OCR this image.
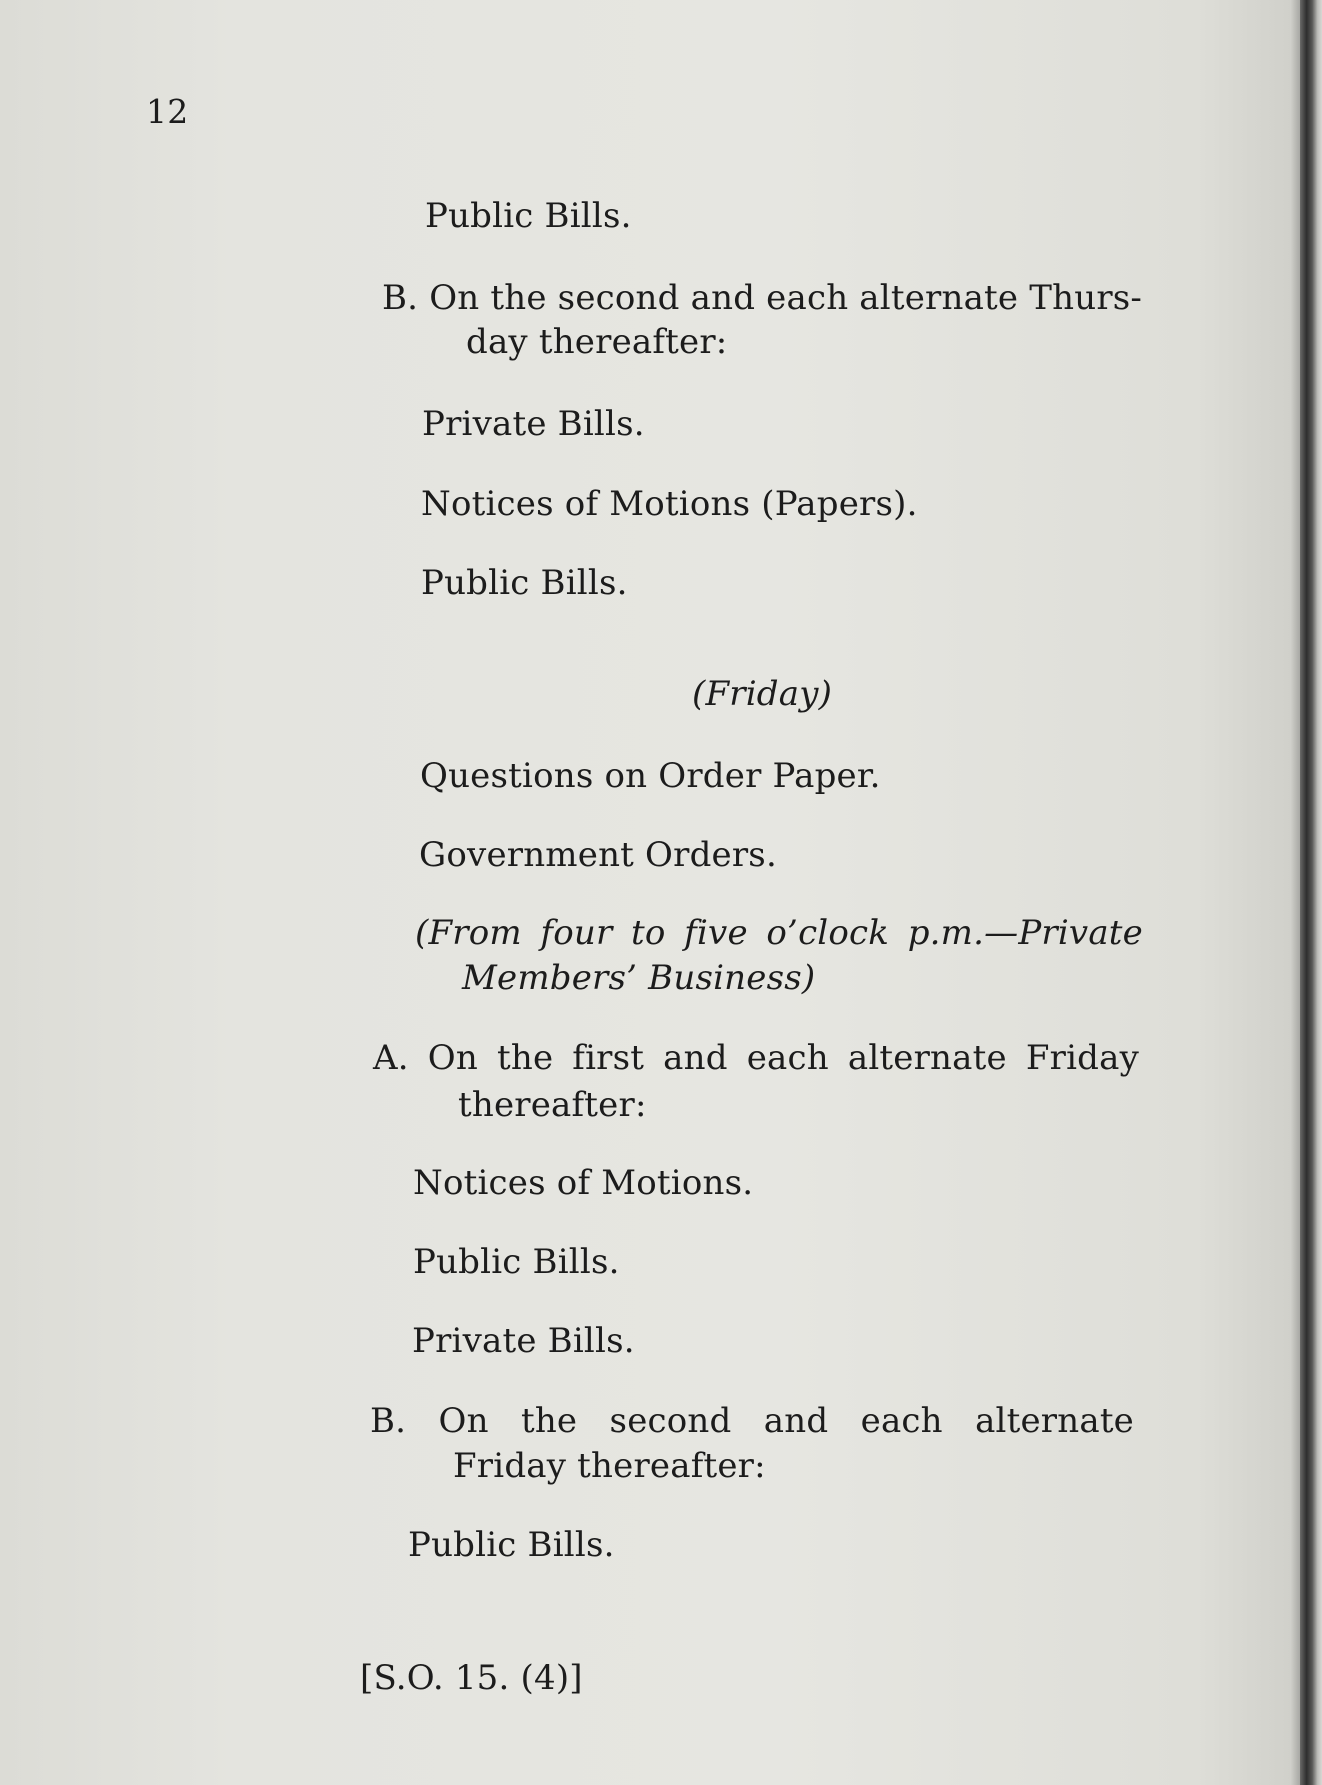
12
Public Bills.
B. On the second and each alternate Thurs-
day thereafter:
Private Bills.
Notices of Motions (Papers).
Public Bills.
(Friday)
Questions on Order Paper.
Government Orders.
(From four to five o’clock p.m.—Private
Members’ Business)
A. On the first and each alternate Friday
thereafter:
Notices of Motions.
Public Bills.
Private Bills.
B. On the second and each alternate
Friday thereafter:
Public Bills.
[S.O. 15. (4)]
